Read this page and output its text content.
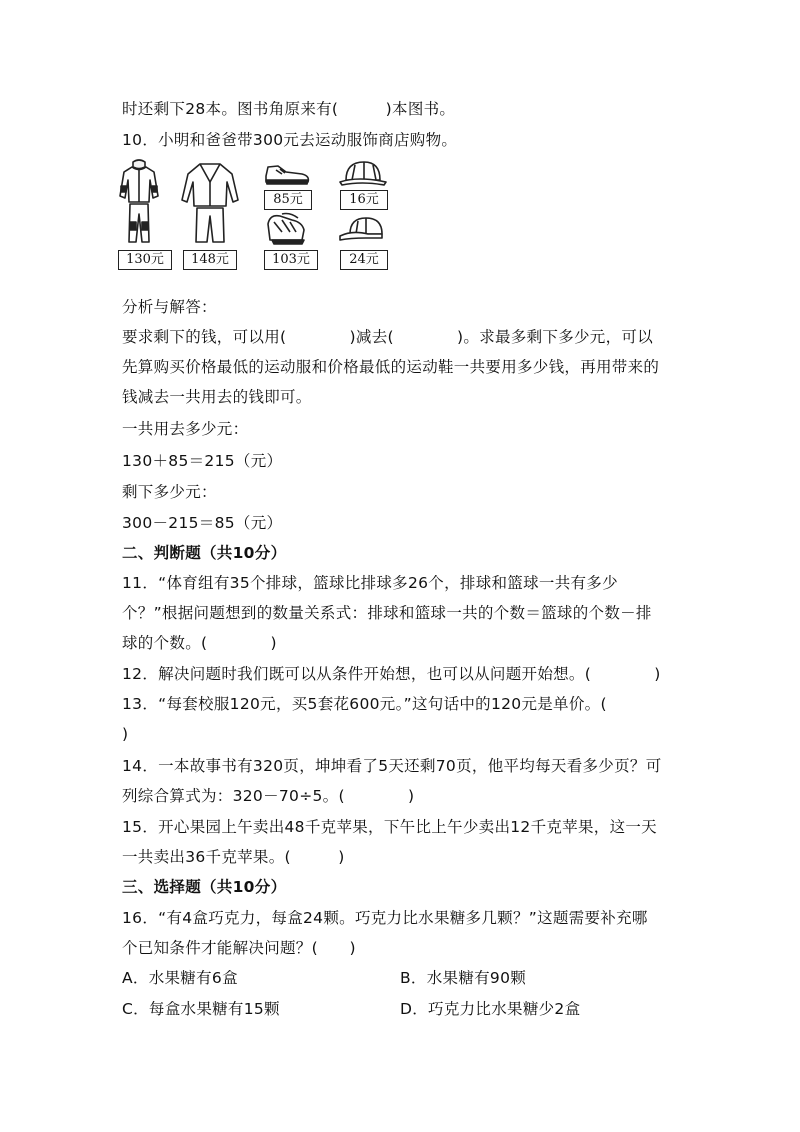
时还剩下28本。图书角原来有(　　　)本图书。
10．小明和爸爸带300元去运动服饰商店购物。
130元	148元
85元
103元
16元
24元
分析与解答：
要求剩下的钱，可以用(　　　　)减去(　　　　)。求最多剩下多少元，可以
先算购买价格最低的运动服和价格最低的运动鞋一共要用多少钱，再用带来的
钱减去一共用去的钱即可。
一共用去多少元：
130＋85＝215（元）
剩下多少元：
300－215＝85（元）
二、判断题（共10分）
11．“体育组有35个排球，篮球比排球多26个，排球和篮球一共有多少
个？”根据问题想到的数量关系式：排球和篮球一共的个数＝篮球的个数－排
球的个数。(　　　　)
12．解决问题时我们既可以从条件开始想，也可以从问题开始想。(　　　　)
13．“每套校服120元，买5套花600元。”这句话中的120元是单价。(
)
14．一本故事书有320页，坤坤看了5天还剩70页，他平均每天看多少页？可
列综合算式为：320－70÷5。(　　　　)
15．开心果园上午卖出48千克苹果，下午比上午少卖出12千克苹果，这一天
一共卖出36千克苹果。(　　　)
三、选择题（共10分）
16．“有4盒巧克力，每盒24颗。巧克力比水果糖多几颗？”这题需要补充哪
个已知条件才能解决问题？(　　)
A．水果糖有6盒	B．水果糖有90颗
C．每盒水果糖有15颗	D．巧克力比水果糖少2盒
